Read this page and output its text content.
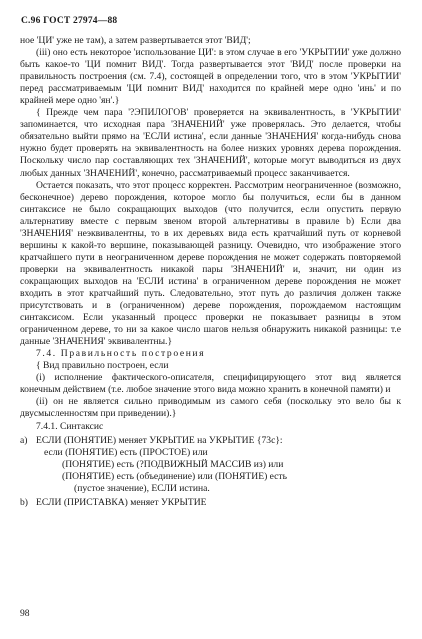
С.96 ГОСТ 27974—88

ное 'ЦИ' уже не там), а затем развертывается этот 'ВИД';

(iii) оно есть некоторое 'использование ЦИ': в этом случае в его 'УКРЫТИИ' уже должно быть какое-то 'ЦИ помнит ВИД'. Тогда развертывается этот 'ВИД' после проверки на правильность построения (см. 7.4), состоящей в определении того, что в этом 'УКРЫТИИ' перед рассматриваемым 'ЦИ помнит ВИД' находится по крайней мере одно 'инь' и по крайней мере одно 'ян'.}

{ Прежде чем пара '?ЭПИЛОГОВ' проверяется на эквивалентность, в 'УКРЫТИИ' запоминается, что исходная пара 'ЗНАЧЕНИЙ' уже проверялась. Это делается, чтобы обязательно выйти прямо на 'ЕСЛИ истина', если данные 'ЗНАЧЕНИЯ' когда-нибудь снова нужно будет проверять на эквивалентность на более низких уровнях дерева порождения. Поскольку число пар составляющих тех 'ЗНАЧЕНИЙ', которые могут выводиться из двух любых данных 'ЗНАЧЕНИЙ', конечно, рассматриваемый процесс заканчивается.

Остается показать, что этот процесс корректен. Рассмотрим неограниченное (возможно, бесконечное) дерево порождения, которое могло бы получиться, если бы в данном синтаксисе не было сокращающих выходов (что получится, если опустить первую альтернативу вместе с первым звеном второй альтернативы в правиле b) Если два 'ЗНАЧЕНИЯ' неэквивалентны, то в их деревьях вида есть кратчайший путь от корневой вершины к какой-то вершине, показывающей разницу. Очевидно, что изображение этого кратчайшего пути в неограниченном дереве порождения не может содержать повторяемой проверки на эквивалентность никакой пары 'ЗНАЧЕНИЙ' и, значит, ни один из сокращающих выходов на 'ЕСЛИ истина' в ограниченном дереве порождения не может входить в этот кратчайший путь. Следовательно, этот путь до различия должен также присутствовать и в (ограниченном) дереве порождения, порождаемом настоящим синтаксисом. Если указанный процесс проверки не показывает разницы в этом ограниченном дереве, то ни за какое число шагов нельзя обнаружить никакой разницы: т.е данные 'ЗНАЧЕНИЯ' эквивалентны.}

7.4. Правильность построения

{ Вид правильно построен, если

(i) исполнение фактического-описателя, специфицирующего этот вид является конечным действием (т.е. любое значение этого вида можно хранить в конечной памяти) и

(ii) он не является сильно приводимым из самого себя (поскольку это вело бы к двусмысленностям при приведении).}

7.4.1. Синтаксис

a) ЕСЛИ (ПОНЯТИЕ) меняет УКРЫТИЕ на УКРЫТИЕ {73c}:

если (ПОНЯТИЕ) есть (ПРОСТОЕ) или

(ПОНЯТИЕ) есть (?ПОДВИЖНЫЙ МАССИВ из) или

(ПОНЯТИЕ) есть (объединение) или (ПОНЯТИЕ) есть

(пустое значение), ЕСЛИ истина.

b) ЕСЛИ (ПРИСТАВКА) меняет УКРЫТИЕ

98
